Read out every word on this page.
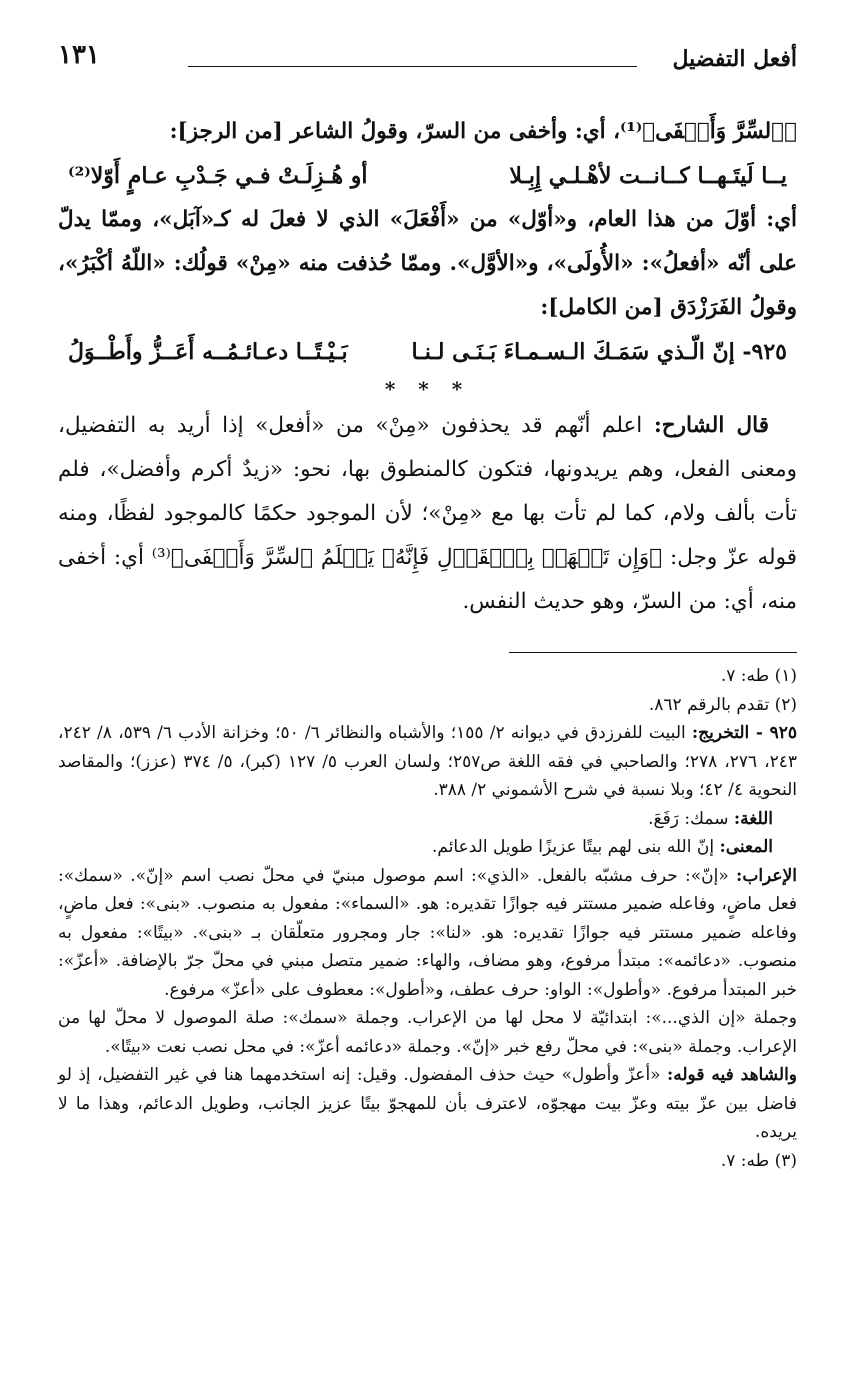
أفعل التفضيل
١٣١

﴿ٱلسِّرَّ وَأَخۡفَى﴾⁽¹⁾، أي: وأخفى من السرّ، وقولُ الشاعر [من الرجز]:

يــا لَيتَـهــا كــانــت لأهْـلـي إِبِـلا
أو هُـزِلَـتْ فـي جَـدْبِ عـامٍ أَوّلا⁽²⁾

أي: أوّلَ من هذا العام، و«أوّل» من «أَفْعَلَ» الذي لا فعلَ له كـ«آبَل»، وممّا يدلّ على أنّه «أفعلُ»: «الأُولَى»، و«الأوَّل». وممّا حُذفت منه «مِنْ» قولُك: «اللّهُ أكْبَرُ»، وقولُ الفَرَزْدَق [من الكامل]:

٩٢٥- إنّ الّـذي سَمَـكَ الـسـمـاءَ بَـنَـى لـنـا
بَـيْـتًــا دعـائـمُــه أَعَــزُّ وأَطْــوَلُ
* * *

قال الشارح: اعلم أنّهم قد يحذفون «مِنْ» من «أفعل» إذا أريد به التفضيل، ومعنى الفعل، وهم يريدونها، فتكون كالمنطوق بها، نحو: «زيدٌ أكرم وأفضل»، فلم تأت بألف ولام، كما لم تأت بها مع «مِنْ»؛ لأن الموجود حكمًا كالموجود لفظًا، ومنه قوله عزّ وجل: ﴿وَإِن تَجۡهَرۡ بِٱلۡقَوۡلِ فَإِنَّهُۥ يَعۡلَمُ ٱلسِّرَّ وَأَخۡفَى﴾⁽³⁾ أي: أخفى منه، أي: من السرّ، وهو حديث النفس.

(١) طه: ٧.

(٢) تقدم بالرقم ٨٦٢.

٩٢٥ - التخريج: البيت للفرزدق في ديوانه ٢/ ١٥٥؛ والأشباه والنظائر ٦/ ٥٠؛ وخزانة الأدب ٦/ ٥٣٩، ٨/ ٢٤٢، ٢٤٣، ٢٧٦، ٢٧٨؛ والصاحبي في فقه اللغة ص٢٥٧؛ ولسان العرب ٥/ ١٢٧ (كبر)، ٥/ ٣٧٤ (عزز)؛ والمقاصد النحوية ٤/ ٤٢؛ وبلا نسبة في شرح الأشموني ٢/ ٣٨٨.

اللغة: سمك: رَفَعَ.

المعنى: إنّ الله بنى لهم بيتًا عزيزًا طويل الدعائم.

الإعراب: «إنّ»: حرف مشبّه بالفعل. «الذي»: اسم موصول مبنيّ في محلّ نصب اسم «إنّ». «سمك»: فعل ماضٍ، وفاعله ضمير مستتر فيه جوازًا تقديره: هو. «السماء»: مفعول به منصوب. «بنى»: فعل ماضٍ، وفاعله ضمير مستتر فيه جوازًا تقديره: هو. «لنا»: جار ومجرور متعلّقان بـ «بنى». «بيتًا»: مفعول به منصوب. «دعائمه»: مبتدأ مرفوع، وهو مضاف، والهاء: ضمير متصل مبني في محلّ جرّ بالإضافة. «أعزّ»: خبر المبتدأ مرفوع. «وأطول»: الواو: حرف عطف، و«أطول»: معطوف على «أعزّ» مرفوع.

وجملة «إن الذي...»: ابتدائيّة لا محل لها من الإعراب. وجملة «سمك»: صلة الموصول لا محلّ لها من الإعراب. وجملة «بنى»: في محلّ رفع خبر «إنّ». وجملة «دعائمه أعزّ»: في محل نصب نعت «بيتًا».

والشاهد فيه قوله: «أعزّ وأطول» حيث حذف المفضول. وقيل: إنه استخدمهما هنا في غير التفضيل، إذ لو فاضل بين عزّ بيته وعزّ بيت مهجوّه، لاعترف بأن للمهجوّ بيتًا عزيز الجانب، وطويل الدعائم، وهذا ما لا يريده.

(٣) طه: ٧.
